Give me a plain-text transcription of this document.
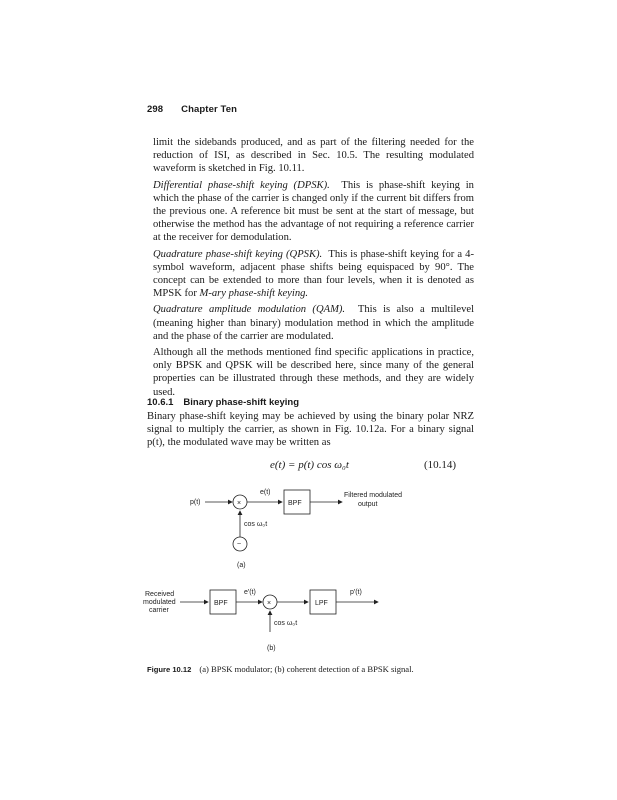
298 Chapter Ten

limit the sidebands produced, and as part of the filtering needed for the reduction of ISI, as described in Sec. 10.5. The resulting modulated waveform is sketched in Fig. 10.11.

Differential phase-shift keying (DPSK). This is phase-shift keying in which the phase of the carrier is changed only if the current bit differs from the previous one. A reference bit must be sent at the start of message, but otherwise the method has the advantage of not requiring a reference carrier at the receiver for demodulation.

Quadrature phase-shift keying (QPSK). This is phase-shift keying for a 4-symbol waveform, adjacent phase shifts being equispaced by 90°. The concept can be extended to more than four levels, when it is denoted as MPSK for M-ary phase-shift keying.

Quadrature amplitude modulation (QAM). This is also a multilevel (meaning higher than binary) modulation method in which the amplitude and the phase of the carrier are modulated.

Although all the methods mentioned find specific applications in practice, only BPSK and QPSK will be described here, since many of the general properties can be illustrated through these methods, and they are widely used.

10.6.1 Binary phase-shift keying
Binary phase-shift keying may be achieved by using the binary polar NRZ signal to multiply the carrier, as shown in Fig. 10.12a. For a binary signal p(t), the modulated wave may be written as
e(t) = p(t) cos ω₀t	(10.14)
p(t)	×
e(t)
BPF
Filtered modulated
output
cos ω₀t
~
(a)
Received
modulated
carrier
BPF
e′(t)
×	LPF
p′(t)
cos ω₀t
(b)
Figure 10.12 (a) BPSK modulator; (b) coherent detection of a BPSK signal.
